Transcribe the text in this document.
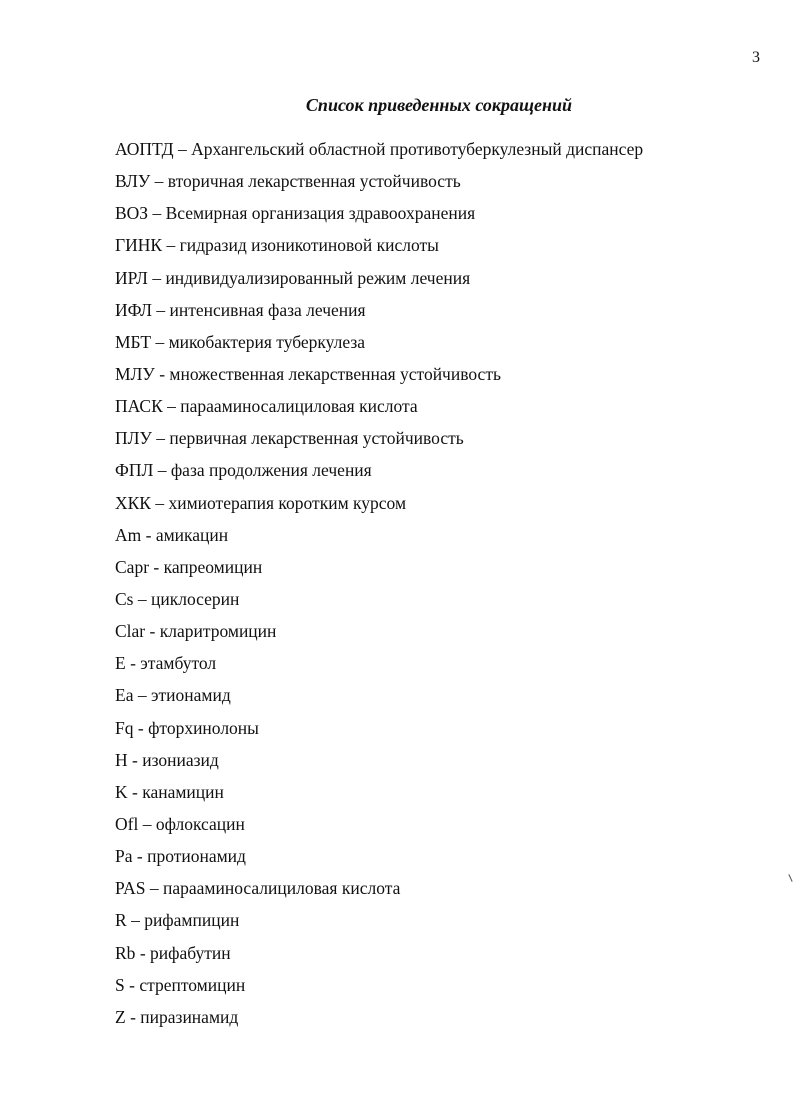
3
Список приведенных сокращений
АОПТД – Архангельский областной противотуберкулезный диспансер
ВЛУ – вторичная лекарственная устойчивость
ВОЗ – Всемирная организация здравоохранения
ГИНК – гидразид изоникотиновой кислоты
ИРЛ – индивидуализированный режим лечения
ИФЛ – интенсивная фаза лечения
МБТ – микобактерия туберкулеза
МЛУ - множественная лекарственная устойчивость
ПАСК – парааминосалициловая кислота
ПЛУ – первичная лекарственная устойчивость
ФПЛ – фаза продолжения лечения
ХКК – химиотерапия коротким курсом
Am - амикацин
Capr - капреомицин
Cs – циклосерин
Clar - кларитромицин
E - этамбутол
Ea – этионамид
Fq - фторхинолоны
H - изониазид
K - канамицин
Ofl – офлоксацин
Pa - протионамид
PAS – парааминосалициловая кислота
R – рифампицин
Rb - рифабутин
S - стрептомицин
Z - пиразинамид
